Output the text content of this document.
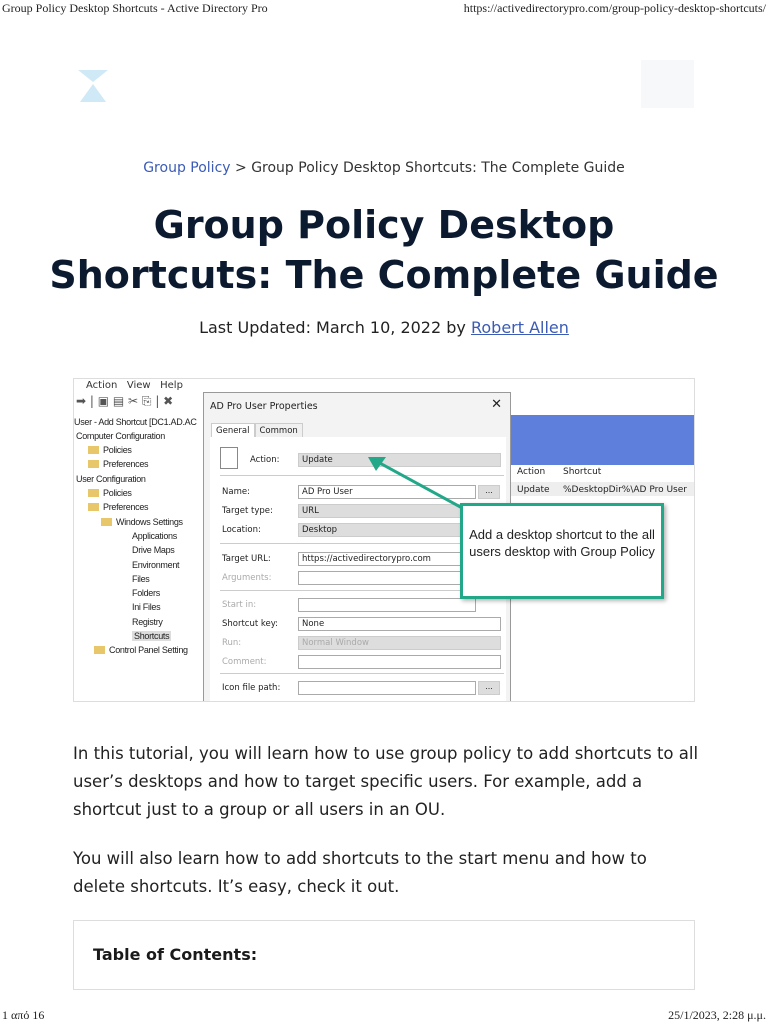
Group Policy Desktop Shortcuts - Active Directory Pro	https://activedirectorypro.com/group-policy-desktop-shortcuts/
Group Policy > Group Policy Desktop Shortcuts: The Complete Guide
Group Policy Desktop Shortcuts: The Complete Guide
Last Updated: March 10, 2022 by Robert Allen
Action   View   Help
➡ | ▣ ▤ ✂ ⎘ | ✖
User - Add Shortcut [DC1.AD.AC
Computer Configuration
Policies
Preferences
User Configuration
Policies
Preferences
Windows Settings
Applications
Drive Maps
Environment
Files
Folders
Ini Files
Registry
Shortcuts
Control Panel Setting
Action Shortcut
Update %DesktopDir%\AD Pro User
AD Pro User Properties	✕
General Common
Action:	Update
Name:	AD Pro User	...
Target type:	URL
Location:	Desktop
Target URL:	https://activedirectorypro.com
Arguments:
Start in:
Shortcut key:	None
Run:	Normal Window
Comment:
Icon file path:	...
Add a desktop shortcut to the all users desktop with Group Policy

In this tutorial, you will learn how to use group policy to add shortcuts to all user’s desktops and how to target specific users. For example, add a shortcut just to a group or all users in an OU.

You will also learn how to add shortcuts to the start menu and how to delete shortcuts. It’s easy, check it out.

Table of Contents:
1 από 16	25/1/2023, 2:28 μ.μ.
